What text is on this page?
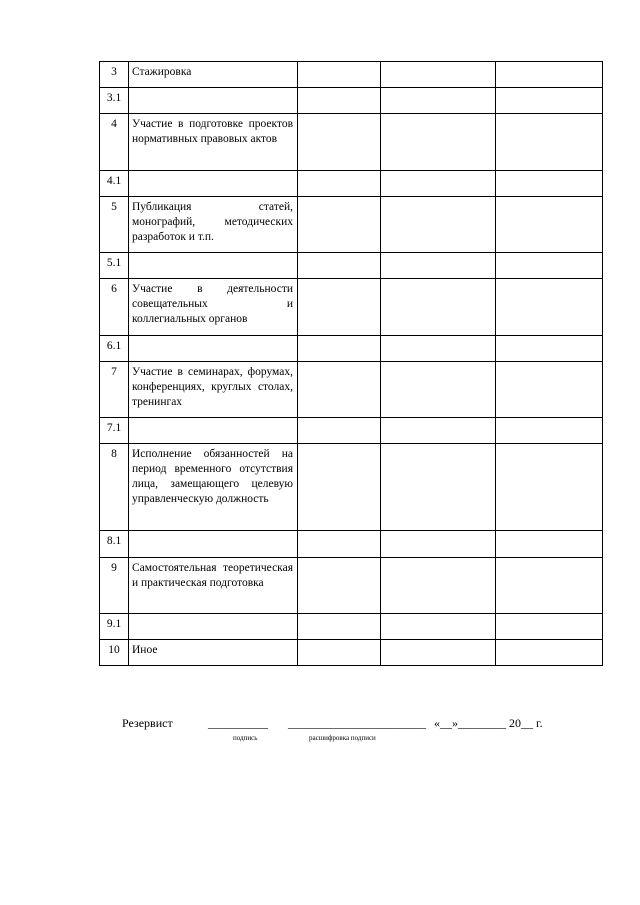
3	Стажировка			
3.1				
4	Участие в подготовке проектов нормативных правовых актов			
4.1				
5	Публикация статей, монографий, методических разработок и т.п.			
5.1				
6	Участие в деятельности совещательных и коллегиальных органов			
6.1				
7	Участие в семинарах, форумах, конференциях, круглых столах, тренингах			
7.1				
8	Исполнение обязанностей на период временного отсутствия лица, замещающего целевую управленческую должность			
8.1				
9	Самостоятельная теоретическая и практическая подготовка			
9.1				
10	Иное			
Резервист	__________ _______________________ «__»________ 20__ г.
подпись	расшифровка подписи
